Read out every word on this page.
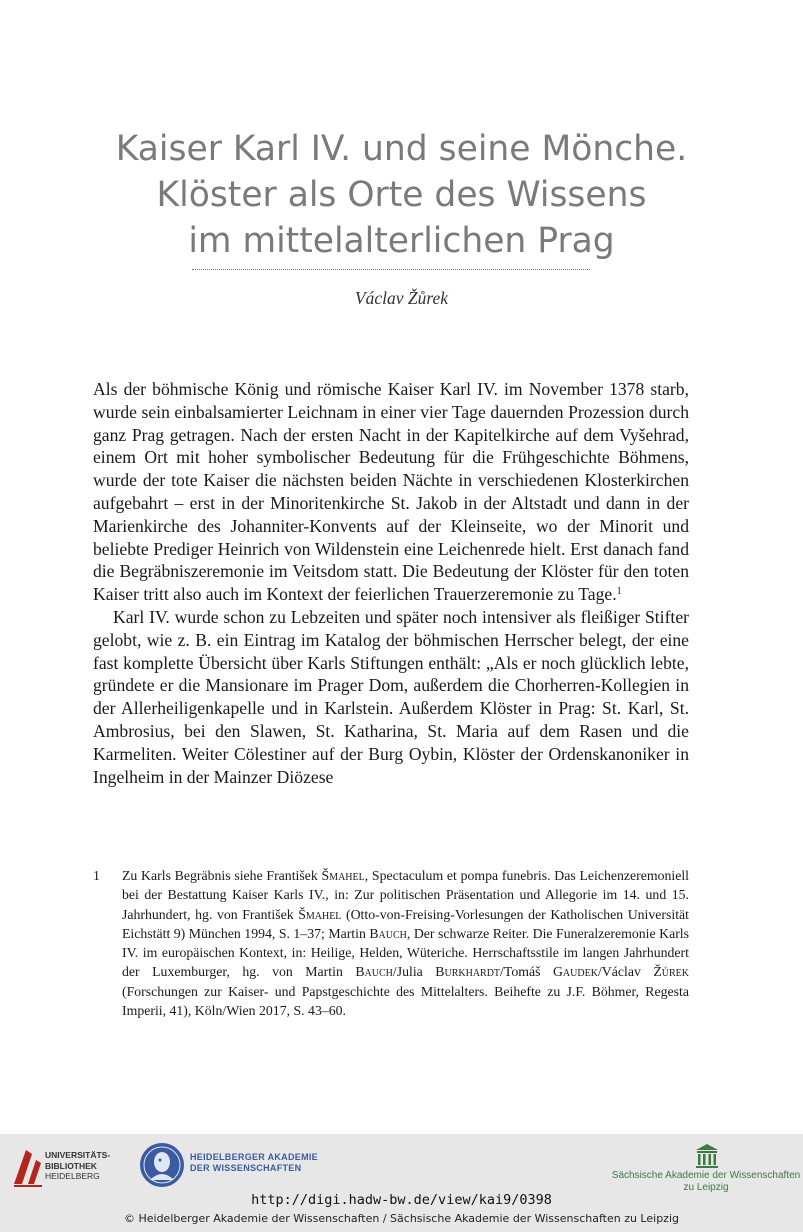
Kaiser Karl IV. und seine Mönche.
Klöster als Orte des Wissens
im mittelalterlichen Prag
Václav Žůrek

Als der böhmische König und römische Kaiser Karl IV. im November 1378 starb, wurde sein einbalsamierter Leichnam in einer vier Tage dauernden Prozession durch ganz Prag getragen. Nach der ersten Nacht in der Kapitelkirche auf dem Vyšehrad, einem Ort mit hoher symbolischer Bedeutung für die Frühgeschichte Böhmens, wurde der tote Kaiser die nächsten beiden Nächte in verschiedenen Klosterkirchen aufgebahrt – erst in der Minoritenkirche St. Jakob in der Altstadt und dann in der Marienkirche des Johanniter-Konvents auf der Kleinseite, wo der Minorit und beliebte Prediger Heinrich von Wildenstein eine Leichenrede hielt. Erst danach fand die Begräbniszeremonie im Veitsdom statt. Die Bedeutung der Klöster für den toten Kaiser tritt also auch im Kontext der feierlichen Trauerzeremonie zu Tage.$^1$

Karl IV. wurde schon zu Lebzeiten und später noch intensiver als fleißiger Stifter gelobt, wie z. B. ein Eintrag im Katalog der böhmischen Herrscher belegt, der eine fast komplette Übersicht über Karls Stiftungen enthält: „Als er noch glücklich lebte, gründete er die Mansionare im Prager Dom, außerdem die Chorherren-Kollegien in der Allerheiligenkapelle und in Karlstein. Außerdem Klöster in Prag: St. Karl, St. Ambrosius, bei den Slawen, St. Katharina, St. Maria auf dem Rasen und die Karmeliten. Weiter Cölestiner auf der Burg Oybin, Klöster der Ordenskanoniker in Ingelheim in der Mainzer Diözese

1 Zu Karls Begräbnis siehe František Šmahel, Spectaculum et pompa funebris. Das Leichenzeremoniell bei der Bestattung Kaiser Karls IV., in: Zur politischen Präsentation und Allegorie im 14. und 15. Jahrhundert, hg. von František Šmahel (Otto-von-Freising-Vorlesungen der Katholischen Universität Eichstätt 9) München 1994, S. 1–37; Martin Bauch, Der schwarze Reiter. Die Funeralzeremonie Karls IV. im europäischen Kontext, in: Heilige, Helden, Wüteriche. Herrschaftsstile im langen Jahrhundert der Luxemburger, hg. von Martin Bauch/Julia Burkhardt/Tomáš Gaudek/Václav Žůrek (Forschungen zur Kaiser- und Papstgeschichte des Mittelalters. Beihefte zu J.F. Böhmer, Regesta Imperii, 41), Köln/Wien 2017, S. 43–60.
UNIVERSITÄTS-
BIBLIOTHEK
HEIDELBERG
HEIDELBERGER AKADEMIE
DER WISSENSCHAFTEN
Sächsische Akademie der Wissenschaften
zu Leipzig
http://digi.hadw-bw.de/view/kai9/0398
© Heidelberger Akademie der Wissenschaften / Sächsische Akademie der Wissenschaften zu Leipzig
